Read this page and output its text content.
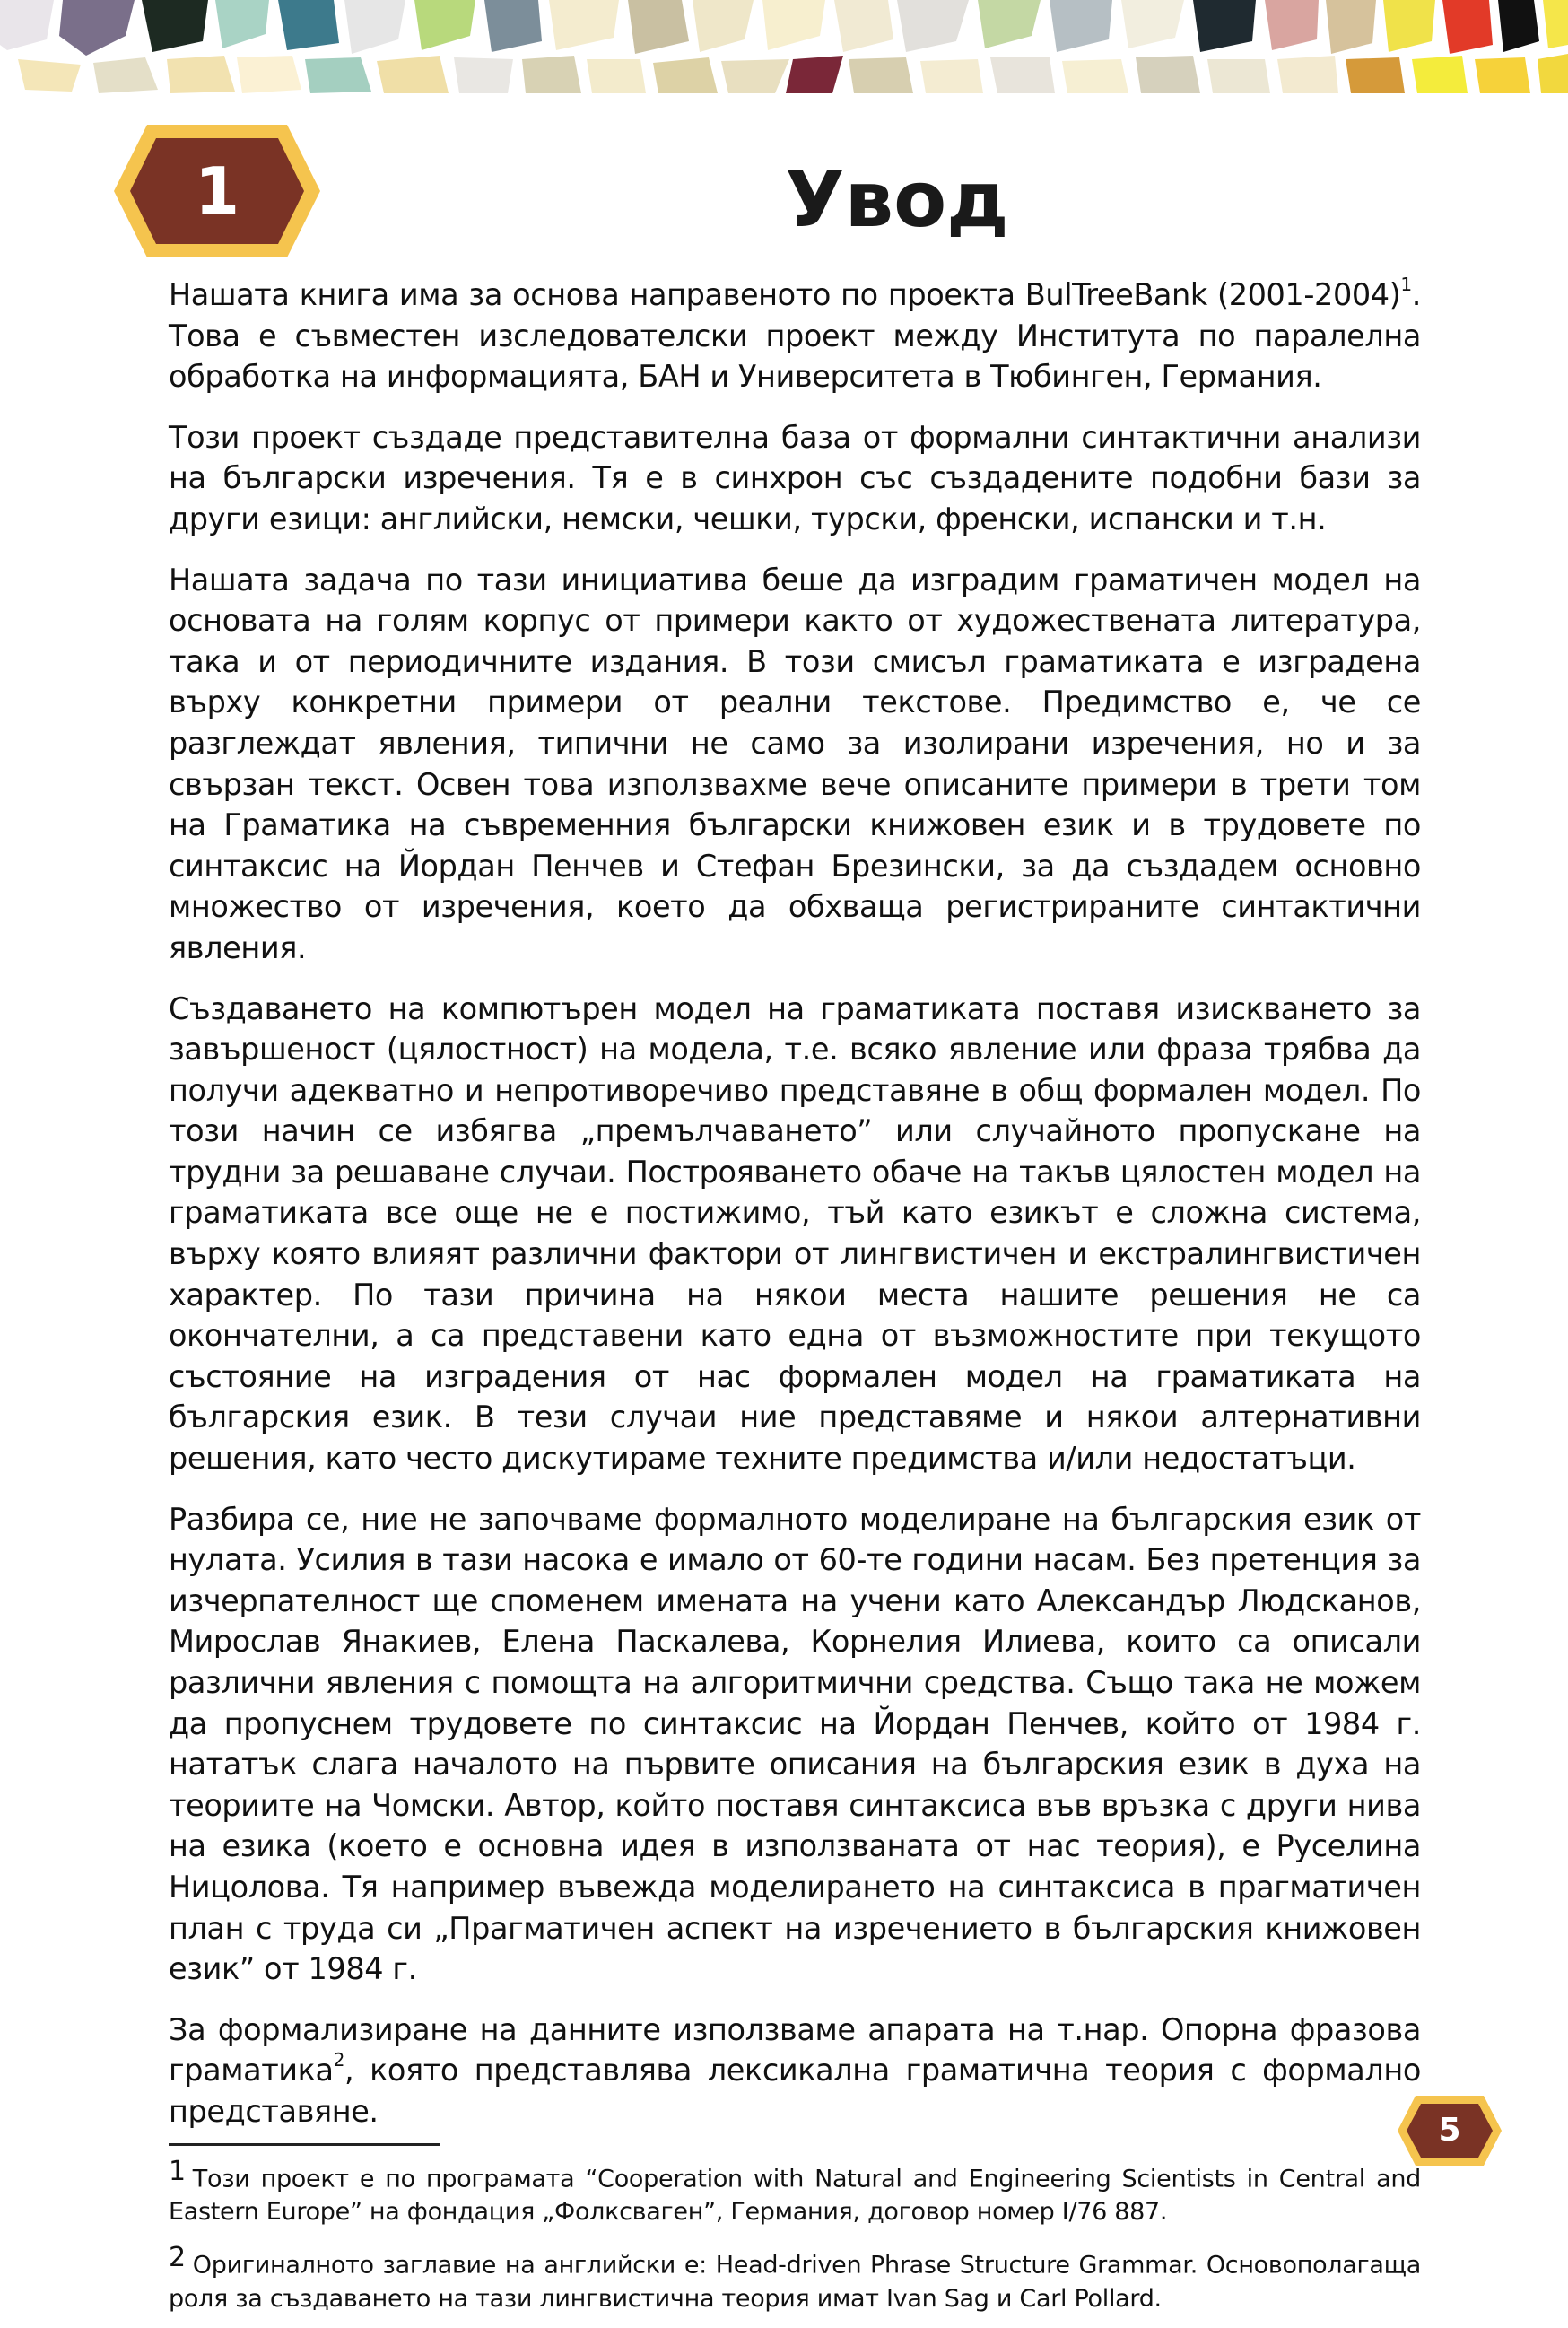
1	Увод

Нашата книга има за основа направеното по проекта BulTreeBank (2001-2004)$^1$. Това е съвместен изследователски проект между Института по паралелна обработка на информацията, БАН и Университета в Тюбинген, Германия.

Този проект създаде представителна база от формални синтактични анализи на български изречения. Тя е в синхрон със създадените подобни бази за други езици: английски, немски, чешки, турски, френски, испански и т.н.

Нашата задача по тази инициатива беше да изградим граматичен модел на основата на голям корпус от примери както от художествената литература, така и от периодичните издания. В този смисъл граматиката е изградена върху конкретни примери от реални текстове. Предимство е, че се разглеждат явления, типични не само за изолирани изречения, но и за свързан текст. Освен това използвахме вече описаните примери в трети том на Граматика на съвременния български книжовен език и в трудовете по синтаксис на Йордан Пенчев и Стефан Брезински, за да създадем основно множество от изречения, което да обхваща регистрираните синтактични явления.

Създаването на компютърен модел на граматиката поставя изискването за завършеност (цялостност) на модела, т.е. всяко явление или фраза трябва да получи адекватно и непротиворечиво представяне в общ формален модел. По този начин се избягва „премълчаването” или случайното пропускане на трудни за решаване случаи. Построяването обаче на такъв цялостен модел на граматиката все още не е постижимо, тъй като езикът е сложна система, върху която влияят различни фактори от лингвистичен и екстралингвистичен характер. По тази причина на някои места нашите решения не са окончателни, а са представени като една от възможностите при текущото състояние на изградения от нас формален модел на граматиката на българския език. В тези случаи ние представяме и някои алтернативни решения, като често дискутираме техните предимства и/или недостатъци.

Разбира се, ние не започваме формалното моделиране на българския език от нулата. Усилия в тази насока е имало от 60-те години насам. Без претенция за изчерпателност ще споменем имената на учени като Александър Людсканов, Мирослав Янакиев, Елена Паскалева, Корнелия Илиева, които са описали различни явления с помощта на алгоритмични средства. Също така не можем да пропуснем трудовете по синтаксис на Йордан Пенчев, който от 1984 г. нататък слага началото на първите описания на българския език в духа на теориите на Чомски. Автор, който поставя синтаксиса във връзка с други нива на езика (което е основна идея в използваната от нас теория), е Руселина Ницолова. Тя например въвежда моделирането на синтаксиса в прагматичен план с труда си „Прагматичен аспект на изречението в българския книжовен език” от 1984 г.

За формализиране на данните използваме апарата на т.нар. Опорна фразова граматика$^2$, която представлява лексикална граматична теория с формално представяне.

1 Този проект е по програмата “Cooperation with Natural and Engineering Scientists in Central and Eastern Europe” на фондация „Фолксваген”, Германия, договор номер I/76 887.

2 Оригиналното заглавие на английски е: Head-driven Phrase Structure Grammar. Основополагаща роля за създаването на тази лингвистична теория имат Ivan Sag и Carl Pollard.

5
